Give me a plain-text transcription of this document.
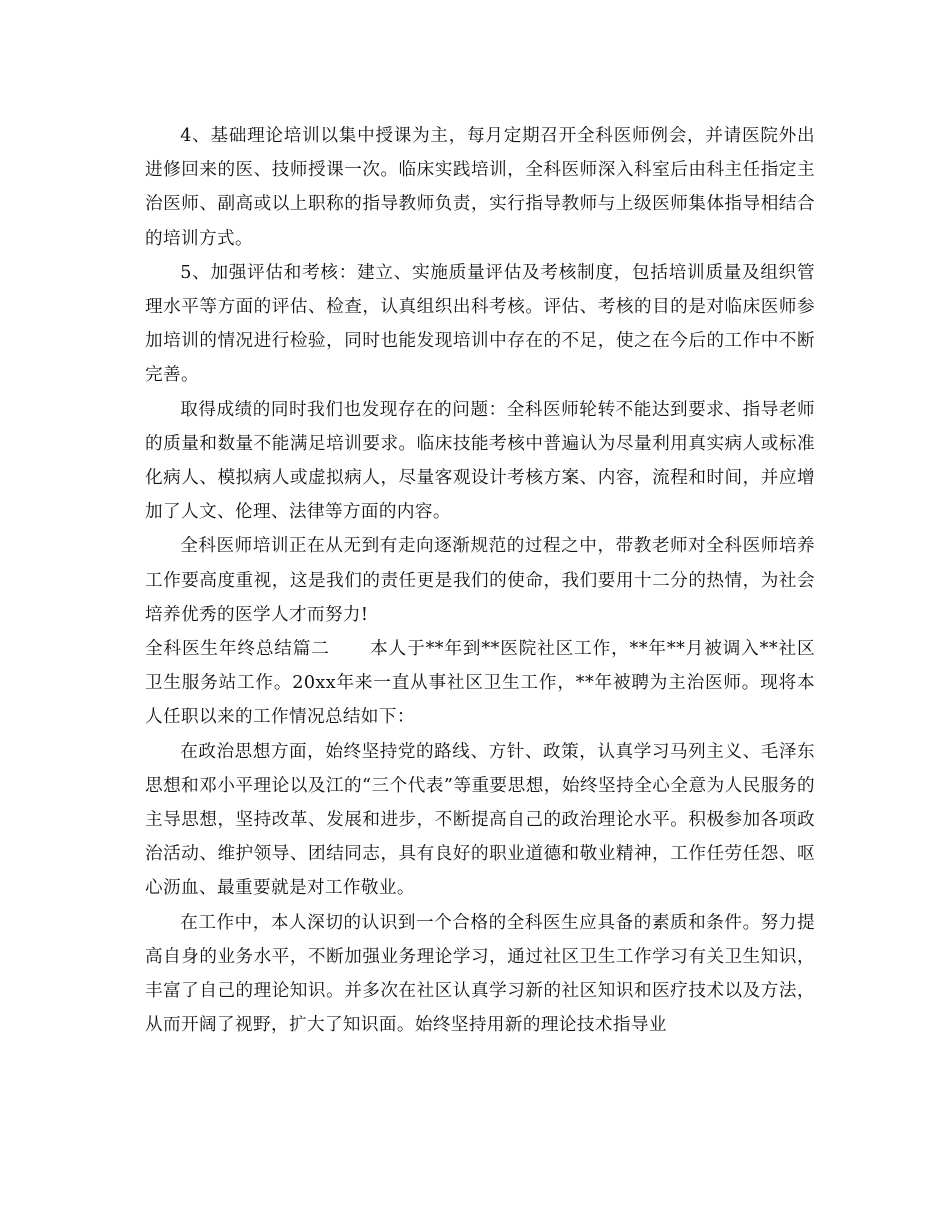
4、基础理论培训以集中授课为主，每月定期召开全科医师例会，并请医院外出进修回来的医、技师授课一次。临床实践培训，全科医师深入科室后由科主任指定主治医师、副高或以上职称的指导教师负责，实行指导教师与上级医师集体指导相结合的培训方式。

5、加强评估和考核：建立、实施质量评估及考核制度，包括培训质量及组织管理水平等方面的评估、检查，认真组织出科考核。评估、考核的目的是对临床医师参加培训的情况进行检验，同时也能发现培训中存在的不足，使之在今后的工作中不断完善。

取得成绩的同时我们也发现存在的问题：全科医师轮转不能达到要求、指导老师的质量和数量不能满足培训要求。临床技能考核中普遍认为尽量利用真实病人或标准化病人、模拟病人或虚拟病人，尽量客观设计考核方案、内容，流程和时间，并应增加了人文、伦理、法律等方面的内容。

全科医师培训正在从无到有走向逐渐规范的过程之中，带教老师对全科医师培养工作要高度重视，这是我们的责任更是我们的使命，我们要用十二分的热情，为社会培养优秀的医学人才而努力!

全科医生年终总结篇二 本人于**年到**医院社区工作，**年**月被调入**社区卫生服务站工作。20xx年来一直从事社区卫生工作，**年被聘为主治医师。现将本人任职以来的工作情况总结如下：

在政治思想方面，始终坚持党的路线、方针、政策，认真学习马列主义、毛泽东思想和邓小平理论以及江的“三个代表”等重要思想，始终坚持全心全意为人民服务的主导思想，坚持改革、发展和进步，不断提高自己的政治理论水平。积极参加各项政治活动、维护领导、团结同志，具有良好的职业道德和敬业精神，工作任劳任怨、呕心沥血、最重要就是对工作敬业。

在工作中，本人深切的认识到一个合格的全科医生应具备的素质和条件。努力提高自身的业务水平，不断加强业务理论学习，通过社区卫生工作学习有关卫生知识，丰富了自己的理论知识。并多次在社区认真学习新的社区知识和医疗技术以及方法，从而开阔了视野，扩大了知识面。始终坚持用新的理论技术指导业
